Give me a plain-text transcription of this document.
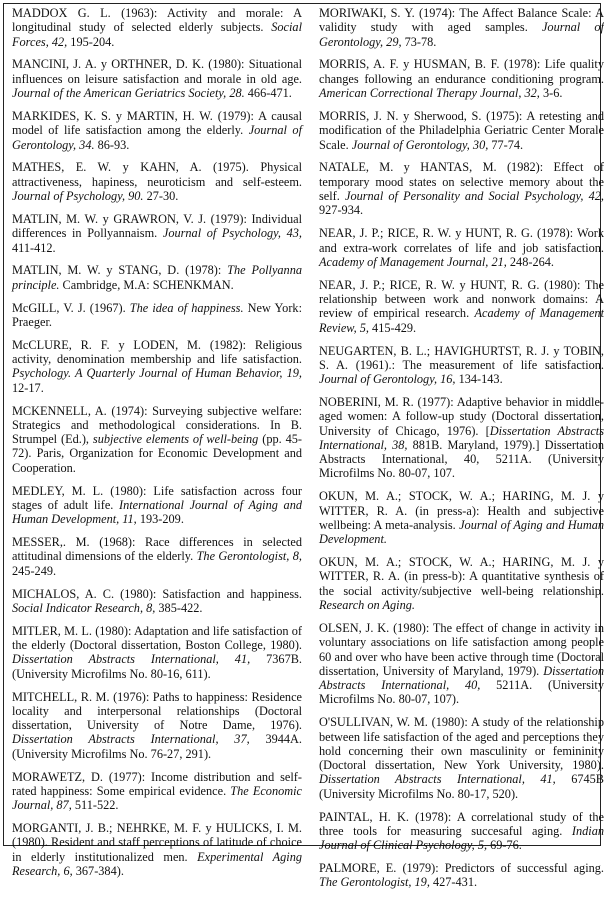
MADDOX G. L. (1963): Activity and morale: A longitudinal study of selected elderly subjects. Social Forces, 42, 195-204.

MANCINI, J. A. y ORTHNER, D. K. (1980): Situational influences on leisure satisfaction and morale in old age. Journal of the American Geriatrics Society, 28. 466-471.

MARKIDES, K. S. y MARTIN, H. W. (1979): A causal model of life satisfaction among the elderly. Journal of Gerontology, 34. 86-93.

MATHES, E. W. y KAHN, A. (1975). Physical attractiveness, hapiness, neuroticism and self-esteem. Journal of Psychology, 90. 27-30.

MATLIN, M. W. y GRAWRON, V. J. (1979): Individual differences in Pollyannaism. Journal of Psychology, 43, 411-412.

MATLIN, M. W. y STANG, D. (1978): The Pollyanna principle. Cambridge, M.A: SCHENKMAN.

McGILL, V. J. (1967). The idea of happiness. New York: Praeger.

McCLURE, R. F. y LODEN, M. (1982): Religious activity, denomination membership and life satisfaction. Psychology. A Quarterly Journal of Human Behavior, 19, 12-17.

MCKENNELL, A. (1974): Surveying subjective welfare: Strategics and methodological considerations. In B. Strumpel (Ed.), subjective elements of well-being (pp. 45-72). Paris, Organization for Economic Development and Cooperation.

MEDLEY, M. L. (1980): Life satisfaction across four stages of adult life. International Journal of Aging and Human Development, 11, 193-209.

MESSER,. M. (1968): Race differences in selected attitudinal dimensions of the elderly. The Gerontologist, 8, 245-249.

MICHALOS, A. C. (1980): Satisfaction and happiness. Social Indicator Research, 8, 385-422.

MITLER, M. L. (1980): Adaptation and life satisfaction of the elderly (Doctoral dissertation, Boston College, 1980). Dissertation Abstracts International, 41, 7367B. (University Microfilms No. 80-16, 611).

MITCHELL, R. M. (1976): Paths to happiness: Residence locality and interpersonal relationships (Doctoral dissertation, University of Notre Dame, 1976). Dissertation Abstracts International, 37, 3944A. (University Microfilms No. 76-27, 291).

MORAWETZ, D. (1977): Income distribution and self-rated happiness: Some empirical evidence. The Economic Journal, 87, 511-522.

MORGANTI, J. B.; NEHRKE, M. F. y HULICKS, I. M. (1980). Resident and staff perceptions of latitude of choice in elderly institutionalized men. Experimental Aging Research, 6, 367-384).

MORIWAKI, S. Y. (1974): The Affect Balance Scale: A validity study with aged samples. Journal of Gerontology, 29, 73-78.

MORRIS, A. F. y HUSMAN, B. F. (1978): Life quality changes following an endurance conditioning program. American Correctional Therapy Journal, 32, 3-6.

MORRIS, J. N. y Sherwood, S. (1975): A retesting and modification of the Philadelphia Geriatric Center Morale Scale. Journal of Gerontology, 30, 77-74.

NATALE, M. y HANTAS, M. (1982): Effect of temporary mood states on selective memory about the self. Journal of Personality and Social Psychology, 42, 927-934.

NEAR, J. P.; RICE, R. W. y HUNT, R. G. (1978): Work and extra-work correlates of life and job satisfaction. Academy of Management Journal, 21, 248-264.

NEAR, J. P.; RICE, R. W. y HUNT, R. G. (1980): The relationship between work and nonwork domains: A review of empirical research. Academy of Management Review, 5, 415-429.

NEUGARTEN, B. L.; HAVIGHURTST, R. J. y TOBIN, S. A. (1961).: The measurement of life satisfaction. Journal of Gerontology, 16, 134-143.

NOBERINI, M. R. (1977): Adaptive behavior in middle-aged women: A follow-up study (Doctoral dissertation, University of Chicago, 1976). [Dissertation Abstracts International, 38, 881B. Maryland, 1979).] Dissertation Abstracts International, 40, 5211A. (University Microfilms No. 80-07, 107.

OKUN, M. A.; STOCK, W. A.; HARING, M. J. y WITTER, R. A. (in press-a): Health and subjective wellbeing: A meta-analysis. Journal of Aging and Human Development.

OKUN, M. A.; STOCK, W. A.; HARING, M. J. y WITTER, R. A. (in press-b): A quantitative synthesis of the social activity/subjective well-being relationship. Research on Aging.

OLSEN, J. K. (1980): The effect of change in activity in voluntary associations on life satisfaction among people 60 and over who have been active through time (Doctoral dissertation, University of Maryland, 1979). Dissertation Abstracts International, 40, 5211A. (University Microfilms No. 80-07, 107).

O'SULLIVAN, W. M. (1980): A study of the relationship between life satisfaction of the aged and perceptions they hold concerning their own masculinity or femininity (Doctoral dissertation, New York University, 1980). Dissertation Abstracts International, 41, 6745B (University Microfilms No. 80-17, 520).

PAINTAL, H. K. (1978): A correlational study of the three tools for measuring succesaful aging. Indian Journal of Clinical Psychology, 5, 69-76.

PALMORE, E. (1979): Predictors of successful aging. The Gerontologist, 19, 427-431.
